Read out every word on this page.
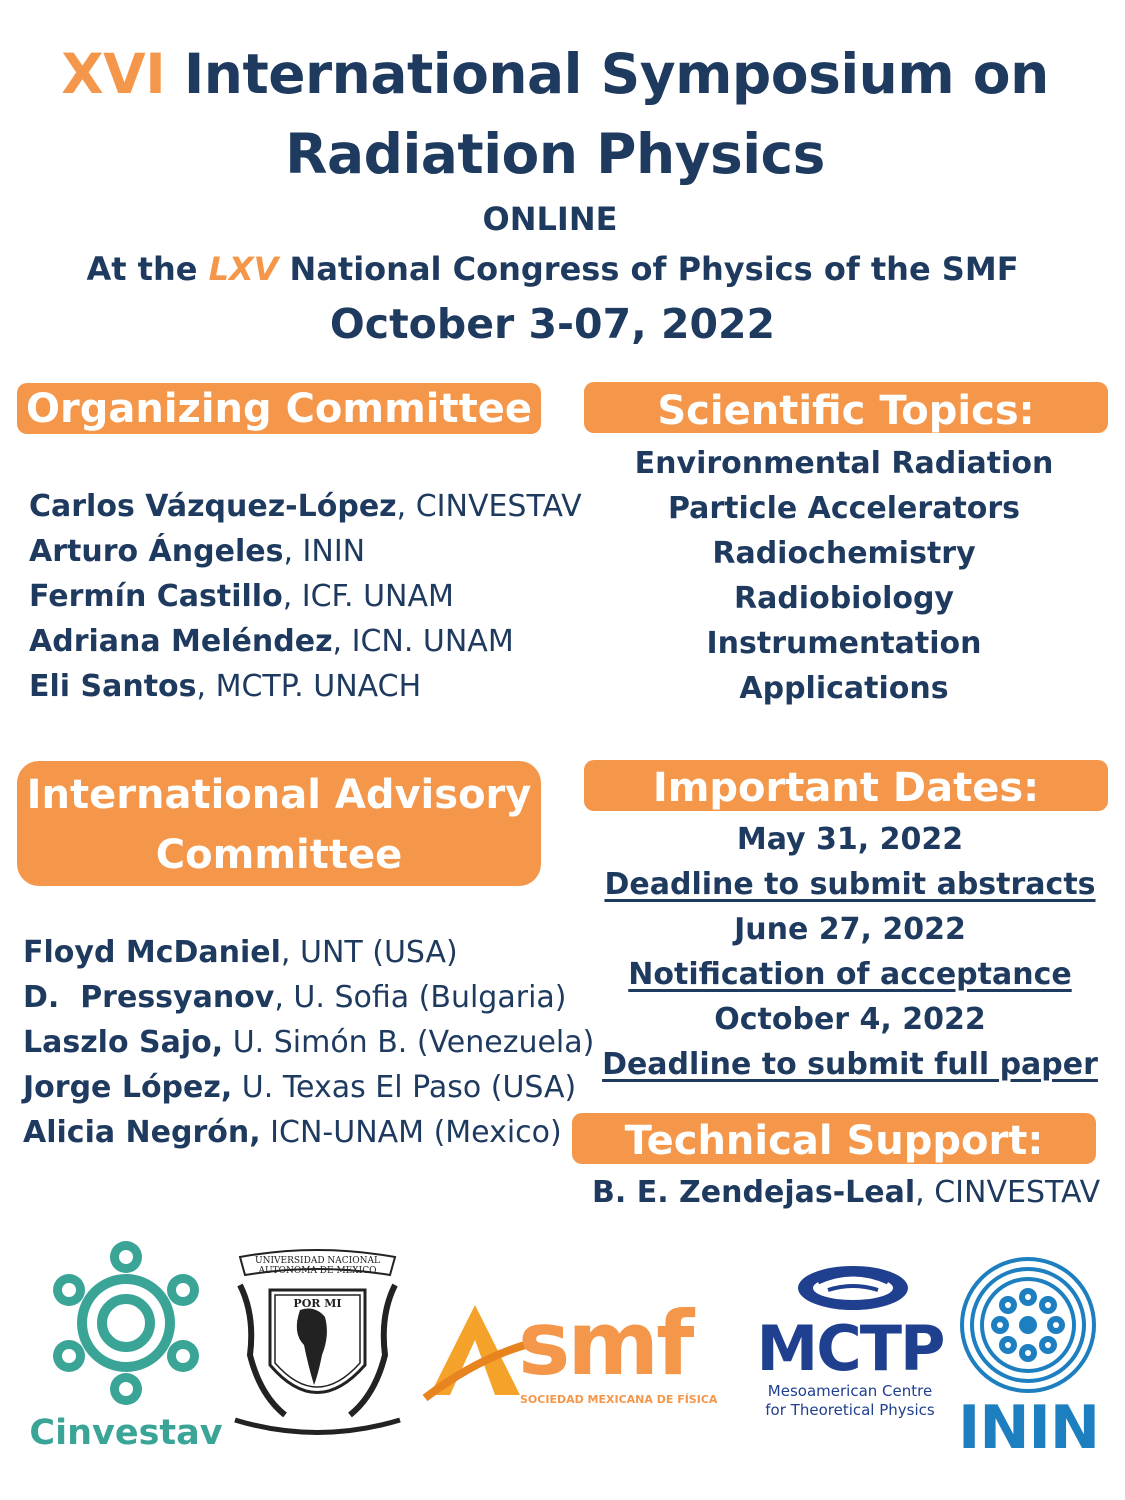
XVI International Symposium on
Radiation Physics
ONLINE
At the LXV National Congress of Physics of the SMF
October 3-07, 2022
Organizing Committee
Carlos Vázquez-López, CINVESTAV
Arturo Ángeles, ININ
Fermín Castillo, ICF. UNAM
Adriana Meléndez, ICN. UNAM
Eli Santos, MCTP. UNACH
Scientific Topics:
Environmental Radiation
Particle Accelerators
Radiochemistry
Radiobiology
Instrumentation
Applications
International Advisory
Committee
Floyd McDaniel, UNT (USA)
D.  Pressyanov, U. Sofia (Bulgaria)
Laszlo Sajo, U. Simón B. (Venezuela)
Jorge López, U. Texas El Paso (USA)
Alicia Negrón, ICN-UNAM (Mexico)
Important Dates:
May 31, 2022
Deadline to submit abstracts
June 27, 2022
Notification of acceptance
October 4, 2022
Deadline to submit full paper
Technical Support:
B. E. Zendejas-Leal, CINVESTAV
Cinvestav
UNIVERSIDAD NACIONAL AUTONOMA DE MEXICO
POR MI smf
SOCIEDAD MEXICANA DE FÍSICA
MCTP
Mesoamerican Centre
for Theoretical Physics ININ
